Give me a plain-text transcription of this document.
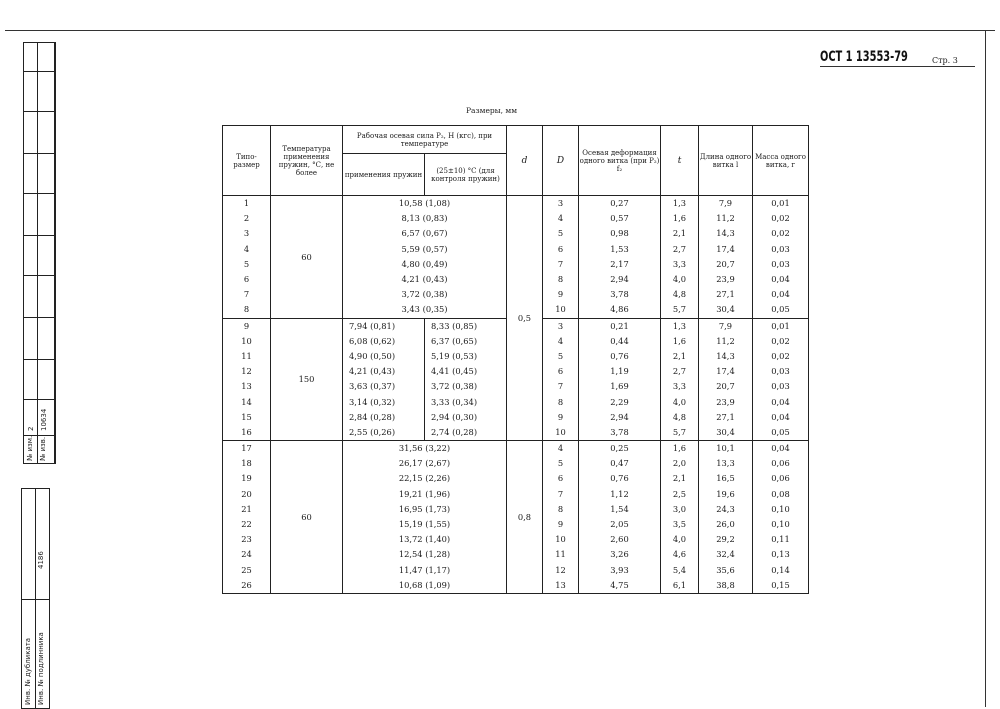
№ изм. № изв.
2 10634
4186
Инв. № дубликата Инв. № подлинника
ОСТ 1 13553-79	Стр. 3
Размеры, мм
Типо-размер	Температура применения пружин, °С, не более	Рабочая осевая сила P₂, Н (кгс), при температуре		d	D	Осевая деформация одного витка (при P₂) f₂	t	Длина одного витка l	Масса одного витка, г
		применения пружин	(25±10) °С (для контроля пружин)						
1	60	10,58 (1,08)		0,5	3	0,27	1,3	7,9	0,01
2		8,13 (0,83)			4	0,57	1,6	11,2	0,02
3		6,57 (0,67)			5	0,98	2,1	14,3	0,02
4		5,59 (0,57)			6	1,53	2,7	17,4	0,03
5		4,80 (0,49)			7	2,17	3,3	20,7	0,03
6		4,21 (0,43)			8	2,94	4,0	23,9	0,04
7		3,72 (0,38)			9	3,78	4,8	27,1	0,04
8		3,43 (0,35)			10	4,86	5,7	30,4	0,05
9	150	7,94 (0,81)	8,33 (0,85)		3	0,21	1,3	7,9	0,01
10		6,08 (0,62)	6,37 (0,65)		4	0,44	1,6	11,2	0,02
11		4,90 (0,50)	5,19 (0,53)		5	0,76	2,1	14,3	0,02
12		4,21 (0,43)	4,41 (0,45)		6	1,19	2,7	17,4	0,03
13		3,63 (0,37)	3,72 (0,38)		7	1,69	3,3	20,7	0,03
14		3,14 (0,32)	3,33 (0,34)		8	2,29	4,0	23,9	0,04
15		2,84 (0,28)	2,94 (0,30)		9	2,94	4,8	27,1	0,04
16		2,55 (0,26)	2,74 (0,28)		10	3,78	5,7	30,4	0,05
17	60	31,56 (3,22)		0,8	4	0,25	1,6	10,1	0,04
18		26,17 (2,67)			5	0,47	2,0	13,3	0,06
19		22,15 (2,26)			6	0,76	2,1	16,5	0,06
20		19,21 (1,96)			7	1,12	2,5	19,6	0,08
21		16,95 (1,73)			8	1,54	3,0	24,3	0,10
22		15,19 (1,55)			9	2,05	3,5	26,0	0,10
23		13,72 (1,40)			10	2,60	4,0	29,2	0,11
24		12,54 (1,28)			11	3,26	4,6	32,4	0,13
25		11,47 (1,17)			12	3,93	5,4	35,6	0,14
26		10,68 (1,09)			13	4,75	6,1	38,8	0,15
